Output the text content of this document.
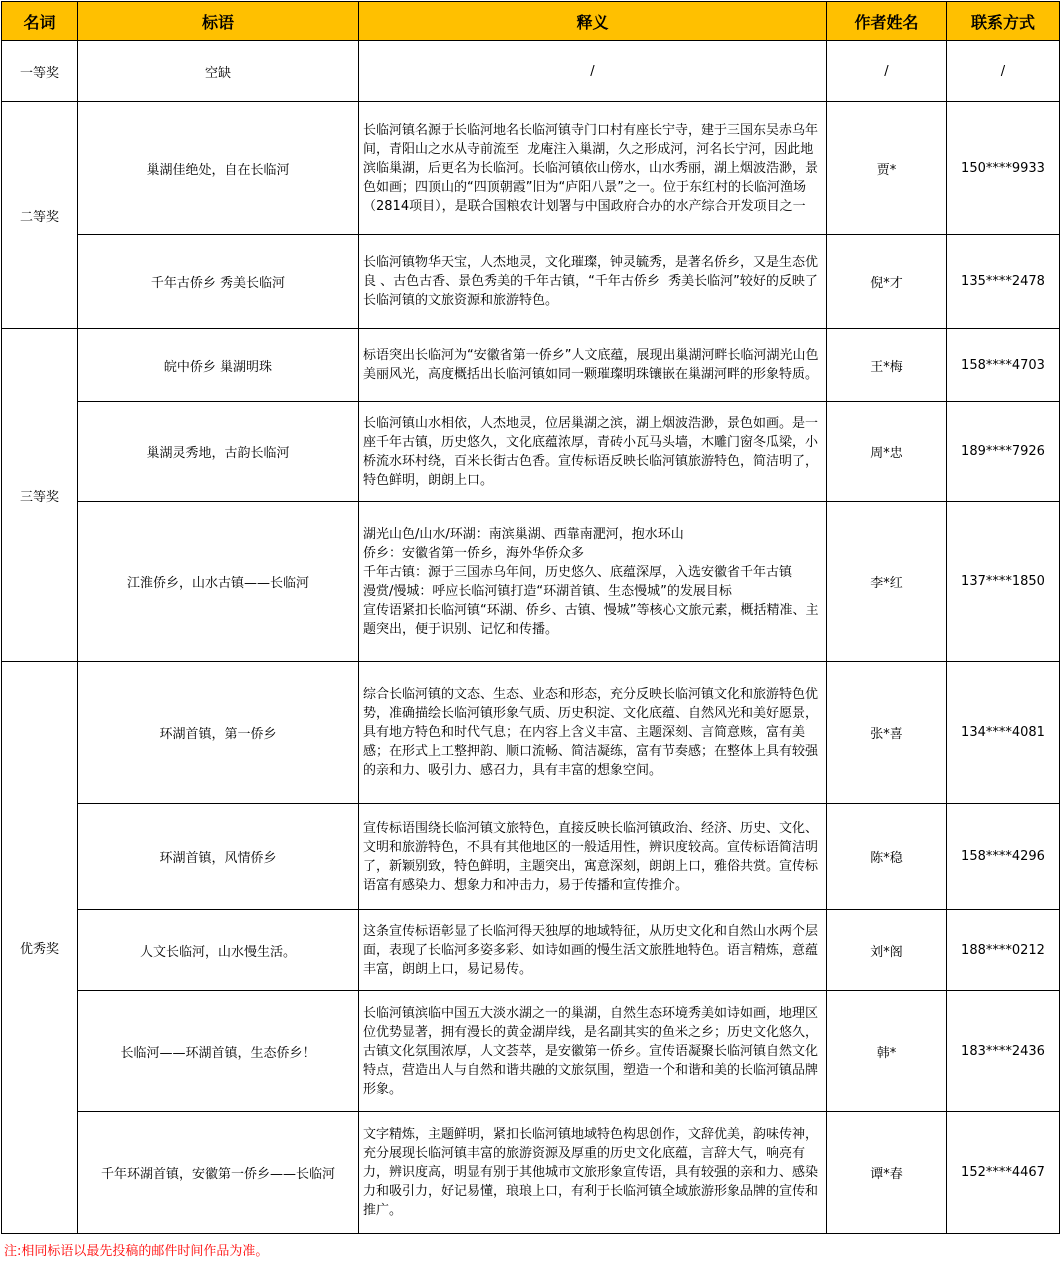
名词	标语	释义	作者姓名	联系方式
一等奖	空缺	/	/	/
二等奖	巢湖佳绝处，自在长临河	长临河镇名源于长临河地名长临河镇寺门口村有座长宁寺，建于三国东吴赤乌年间，青阳山之水从寺前流至  龙庵注入巢湖，久之形成河，河名长宁河，因此地滨临巢湖，后更名为长临河。长临河镇依山傍水，山水秀丽，湖上烟波浩渺，景色如画；四顶山的“四顶朝霞”旧为“庐阳八景”之一。位于东红村的长临河渔场（2814项目），是联合国粮农计划署与中国政府合办的水产综合开发项目之一	贾*	150****9933
	千年古侨乡 秀美长临河	长临河镇物华天宝，人杰地灵，文化璀璨，钟灵毓秀，是著名侨乡，又是生态优良 、古色古香、景色秀美的千年古镇，“千年古侨乡  秀美长临河”较好的反映了长临河镇的文旅资源和旅游特色。	倪*才	135****2478
三等奖	皖中侨乡 巢湖明珠	标语突出长临河为“安徽省第一侨乡”人文底蕴，展现出巢湖河畔长临河湖光山色美丽风光，高度概括出长临河镇如同一颗璀璨明珠镶嵌在巢湖河畔的形象特质。	王*梅	158****4703
	巢湖灵秀地，古韵长临河	长临河镇山水相依，人杰地灵，位居巢湖之滨，湖上烟波浩渺，景色如画。是一座千年古镇，历史悠久，文化底蕴浓厚，青砖小瓦马头墙，木雕门窗冬瓜梁，小桥流水环村绕，百米长街古色香。宣传标语反映长临河镇旅游特色，简洁明了，特色鲜明，朗朗上口。	周*忠	189****7926
	江淮侨乡，山水古镇——长临河	湖光山色/山水/环湖：南滨巢湖、西靠南淝河，抱水环山
侨乡：安徽省第一侨乡，海外华侨众多
千年古镇：源于三国赤乌年间，历史悠久、底蕴深厚，入选安徽省千年古镇
漫赏/慢城：呼应长临河镇打造“环湖首镇、生态慢城”的发展目标
宣传语紧扣长临河镇“环湖、侨乡、古镇、慢城”等核心文旅元素，概括精准、主题突出，便于识别、记忆和传播。	李*红	137****1850
优秀奖	环湖首镇，第一侨乡	综合长临河镇的文态、生态、业态和形态，充分反映长临河镇文化和旅游特色优势，准确描绘长临河镇形象气质、历史积淀、文化底蕴、自然风光和美好愿景，具有地方特色和时代气息；在内容上含义丰富、主题深刻、言简意赅，富有美感；在形式上工整押韵、顺口流畅、简洁凝练，富有节奏感；在整体上具有较强的亲和力、吸引力、感召力，具有丰富的想象空间。	张*喜	134****4081
	环湖首镇，风情侨乡	宣传标语围绕长临河镇文旅特色，直接反映长临河镇政治、经济、历史、文化、文明和旅游特色，不具有其他地区的一般适用性，辨识度较高。宣传标语简洁明了，新颖别致，特色鲜明，主题突出，寓意深刻，朗朗上口，雅俗共赏。宣传标语富有感染力、想象力和冲击力，易于传播和宣传推介。	陈*稳	158****4296
	人文长临河，山水慢生活。	这条宣传标语彰显了长临河得天独厚的地域特征，从历史文化和自然山水两个层面，表现了长临河多姿多彩、如诗如画的慢生活文旅胜地特色。语言精炼，意蕴丰富，朗朗上口，易记易传。	刘*阁	188****0212
	长临河——环湖首镇，生态侨乡！	长临河镇滨临中国五大淡水湖之一的巢湖，自然生态环境秀美如诗如画，地理区位优势显著，拥有漫长的黄金湖岸线，是名副其实的鱼米之乡；历史文化悠久，古镇文化氛围浓厚，人文荟萃，是安徽第一侨乡。宣传语凝聚长临河镇自然文化特点，营造出人与自然和谐共融的文旅氛围，塑造一个和谐和美的长临河镇品牌形象。	韩*	183****2436
	千年环湖首镇，安徽第一侨乡——长临河	文字精炼，主题鲜明，紧扣长临河镇地域特色构思创作，文辞优美，韵味传神，充分展现长临河镇丰富的旅游资源及厚重的历史文化底蕴，言辞大气，响亮有力，辨识度高，明显有别于其他城市文旅形象宣传语，具有较强的亲和力、感染力和吸引力，好记易懂，琅琅上口，有利于长临河镇全域旅游形象品牌的宣传和推广。	谭*春	152****4467
注:相同标语以最先投稿的邮件时间作品为准。
